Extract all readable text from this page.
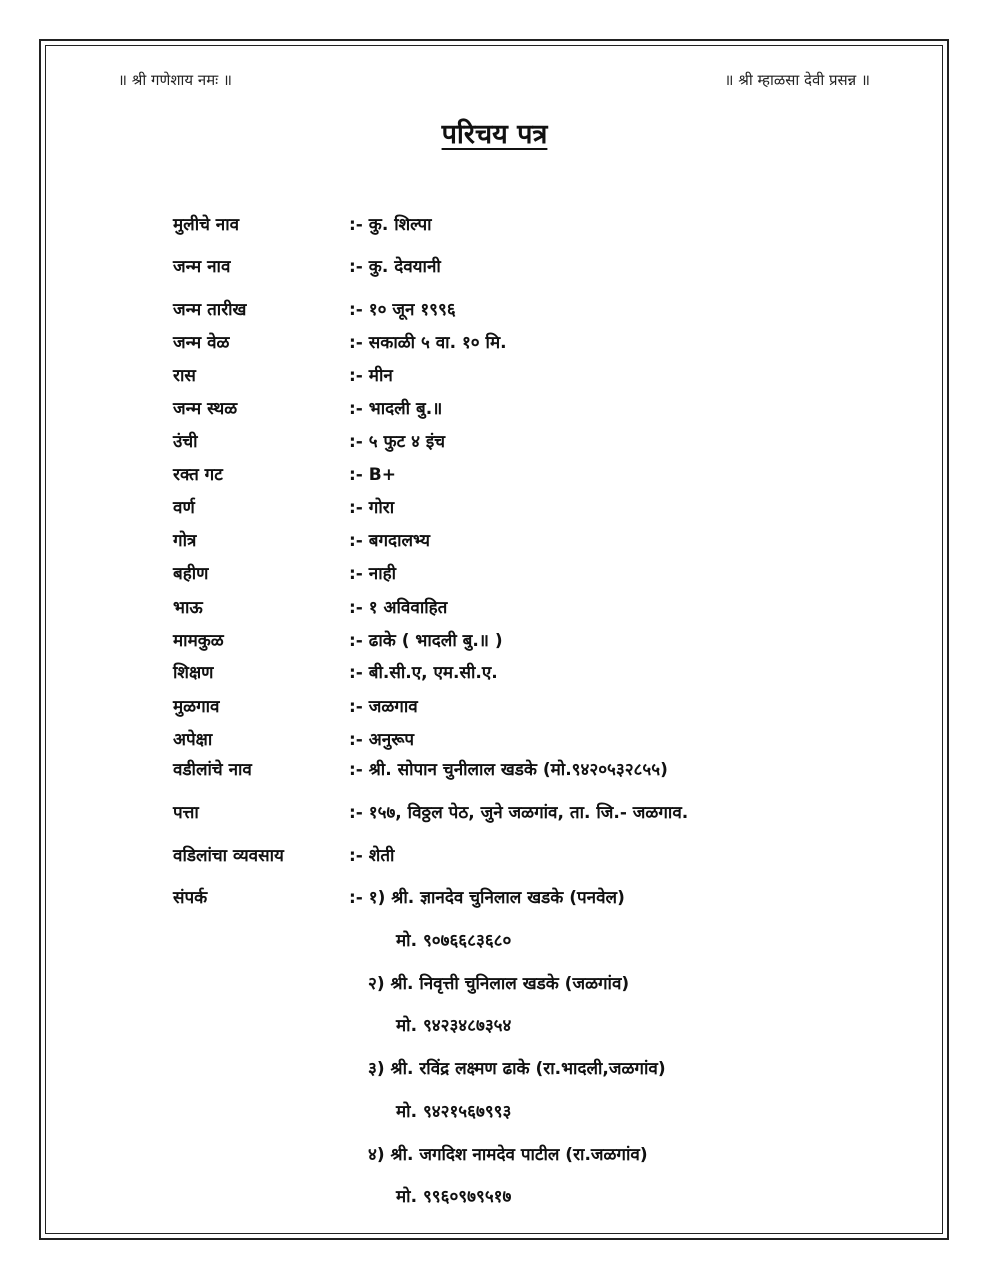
॥ श्री गणेशाय नमः ॥	॥ श्री म्हाळसा देवी प्रसन्न ॥
परिचय पत्र
मुलीचे नाव	:- कु. शिल्पा
जन्म नाव	:- कु. देवयानी
जन्म तारीख	:- १० जून १९९६
जन्म वेळ	:- सकाळी ५ वा. १० मि.
रास	:- मीन
जन्म स्थळ	:- भादली बु.॥
उंची	:- ५ फुट ४ इंच
रक्त गट	:- B+
वर्ण	:- गोरा
गोत्र	:- बगदालभ्य
बहीण	:- नाही
भाऊ	:- १ अविवाहित
मामकुळ	:- ढाके ( भादली बु.॥ )
शिक्षण	:- बी.सी.ए, एम.सी.ए.
मुळगाव	:- जळगाव
अपेक्षा	:- अनुरूप
वडीलांचे नाव	:- श्री. सोपान चुनीलाल खडके (मो.९४२०५३२८५५)
पत्ता	:- १५७, विठ्ठल पेठ, जुने जळगांव, ता. जि.- जळगाव.
वडिलांचा व्यवसाय	:- शेती
संपर्क	:- १) श्री. ज्ञानदेव चुनिलाल खडके (पनवेल)
मो. ९०७६६८३६८०
२) श्री. निवृत्ती चुनिलाल खडके (जळगांव)
मो. ९४२३४८७३५४
३) श्री. रविंद्र लक्ष्मण ढाके (रा.भादली,जळगांव)
मो. ९४२१५६७९९३
४) श्री. जगदिश नामदेव पाटील (रा.जळगांव)
मो. ९९६०९७९५१७
